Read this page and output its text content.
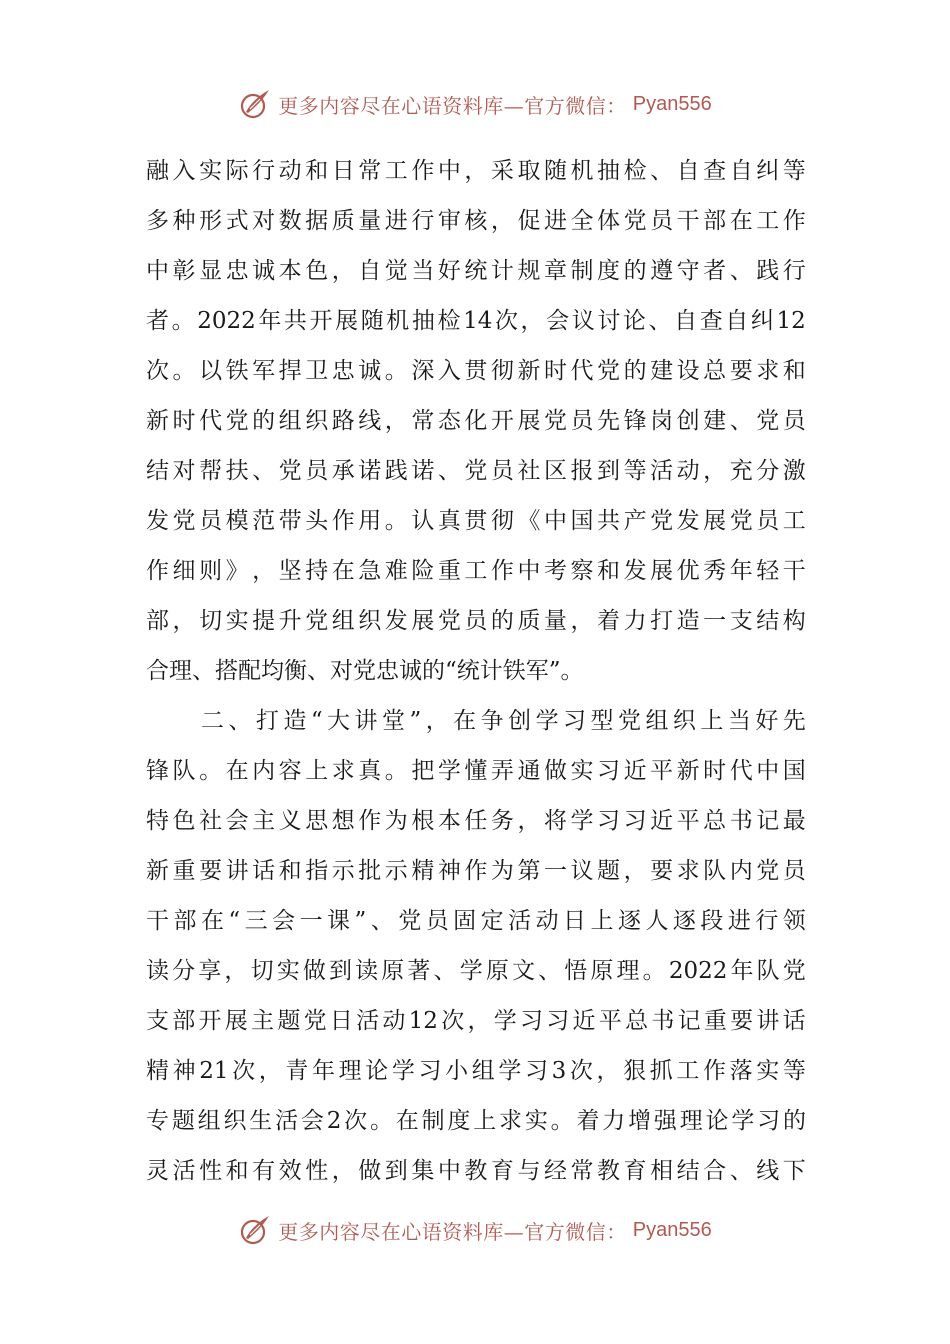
更多内容尽在心语资料库—官方微信： Pyan556
融 入 实 际 行 动 和 日 常 工 作 中 ， 采 取 随 机 抽 检 、 自 查 自 纠 等
多 种 形 式 对 数 据 质 量 进 行 审 核 ， 促 进 全 体 党 员 干 部 在 工 作
中 彰 显 忠 诚 本 色 ， 自 觉 当 好 统 计 规 章 制 度 的 遵 守 者 、 践 行
者 。 2022 年 共 开 展 随 机 抽 检 14 次 ， 会 议 讨 论 、 自 查 自 纠 12
次 。 以 铁 军 捍 卫 忠 诚 。 深 入 贯 彻 新 时 代 党 的 建 设 总 要 求 和
新 时 代 党 的 组 织 路 线 ， 常 态 化 开 展 党 员 先 锋 岗 创 建 、 党 员
结 对 帮 扶 、 党 员 承 诺 践 诺 、 党 员 社 区 报 到 等 活 动 ， 充 分 激
发 党 员 模 范 带 头 作 用 。 认 真 贯 彻 《 中 国 共 产 党 发 展 党 员 工
作 细 则 》 ， 坚 持 在 急 难 险 重 工 作 中 考 察 和 发 展 优 秀 年 轻 干
部 ， 切 实 提 升 党 组 织 发 展 党 员 的 质 量 ， 着 力 打 造 一 支 结 构
合理、搭配均衡、对党忠诚的“统计铁军”。

二 、 打 造 “ 大 讲 堂 ” ， 在 争 创 学 习 型 党 组 织 上 当 好 先
锋 队 。 在 内 容 上 求 真 。 把 学 懂 弄 通 做 实 习 近 平 新 时 代 中 国
特 色 社 会 主 义 思 想 作 为 根 本 任 务 ， 将 学 习 习 近 平 总 书 记 最
新 重 要 讲 话 和 指 示 批 示 精 神 作 为 第 一 议 题 ， 要 求 队 内 党 员
干 部 在 “ 三 会 一 课 ” 、 党 员 固 定 活 动 日 上 逐 人 逐 段 进 行 领
读 分 享 ， 切 实 做 到 读 原 著 、 学 原 文 、 悟 原 理 。 2022 年 队 党
支 部 开 展 主 题 党 日 活 动 12 次 ， 学 习 习 近 平 总 书 记 重 要 讲 话
精 神 21 次 ， 青 年 理 论 学 习 小 组 学 习 3 次 ， 狠 抓 工 作 落 实 等
专 题 组 织 生 活 会 2 次 。 在 制 度 上 求 实 。 着 力 增 强 理 论 学 习 的
灵 活 性 和 有 效 性 ， 做 到 集 中 教 育 与 经 常 教 育 相 结 合 、 线 下
更多内容尽在心语资料库—官方微信： Pyan556
